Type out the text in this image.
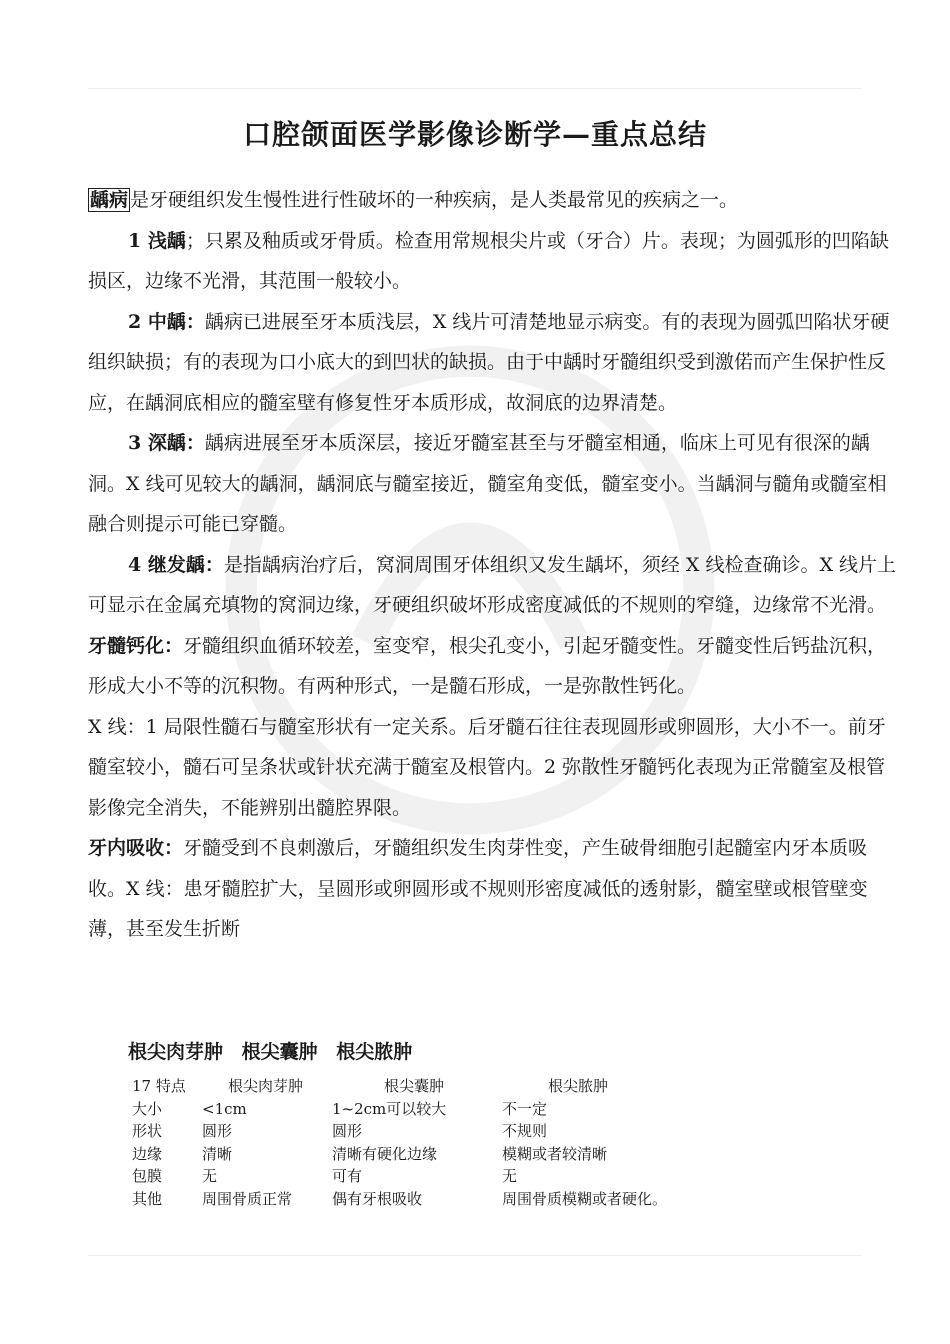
口腔颌面医学影像诊断学—重点总结

龋病 是牙硬组织发生慢性进行性破坏的一种疾病，是人类最常见的疾病之一。

1 浅龋；只累及釉质或牙骨质。检查用常规根尖片或（牙合）片。表现；为圆弧形的凹陷缺损区，边缘不光滑，其范围一般较小。

2 中龋：龋病已进展至牙本质浅层，X 线片可清楚地显示病变。有的表现为圆弧凹陷状牙硬组织缺损；有的表现为口小底大的到凹状的缺损。由于中龋时牙髓组织受到激偌而产生保护性反应，在龋洞底相应的髓室壁有修复性牙本质形成，故洞底的边界清楚。

3 深龋：龋病进展至牙本质深层，接近牙髓室甚至与牙髓室相通，临床上可见有很深的龋洞。X 线可见较大的龋洞，龋洞底与髓室接近，髓室角变低，髓室变小。当龋洞与髓角或髓室相融合则提示可能已穿髓。

4 继发龋：是指龋病治疗后，窝洞周围牙体组织又发生龋坏，须经 X 线检查确诊。X 线片上可显示在金属充填物的窝洞边缘，牙硬组织破坏形成密度减低的不规则的窄缝，边缘常不光滑。

牙髓钙化：牙髓组织血循环较差，室变窄，根尖孔变小，引起牙髓变性。牙髓变性后钙盐沉积，形成大小不等的沉积物。有两种形式，一是髓石形成，一是弥散性钙化。

X 线：1 局限性髓石与髓室形状有一定关系。后牙髓石往往表现圆形或卵圆形，大小不一。前牙髓室较小，髓石可呈条状或针状充满于髓室及根管内。2 弥散性牙髓钙化表现为正常髓室及根管影像完全消失，不能辨别出髓腔界限。

牙内吸收：牙髓受到不良刺激后，牙髓组织发生肉芽性变，产生破骨细胞引起髓室内牙本质吸收。X 线：患牙髓腔扩大，呈圆形或卵圆形或不规则形密度减低的透射影，髓室壁或根管壁变薄，甚至发生折断

根尖肉芽肿 根尖囊肿 根尖脓肿
17 特点	根尖肉芽肿	根尖囊肿	根尖脓肿
大小	<1cm	1~2cm可以较大	不一定
形状	圆形	圆形	不规则
边缘	清晰	清晰有硬化边缘	模糊或者较清晰
包膜	无	可有	无
其他	周围骨质正常	偶有牙根吸收	周围骨质模糊或者硬化。
